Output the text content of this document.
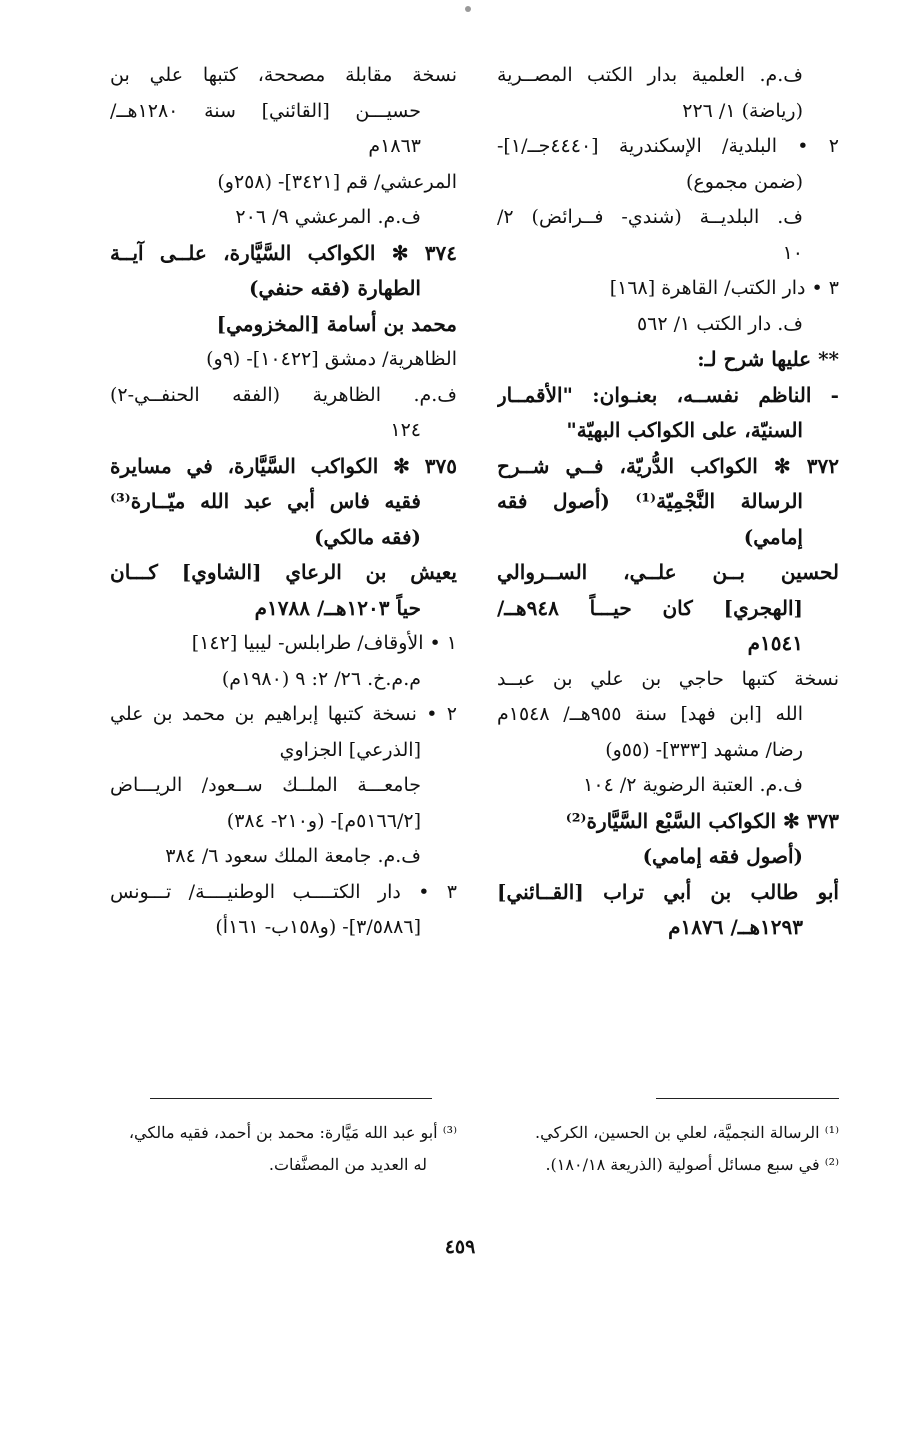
ف.م. العلمية بدار الكتب المصــرية
(رياضة) ١/ ٢٢٦
٢ • البلدية/ الإسكندرية [٤٤٤٠جــ/١]-
(ضمن مجموع)
ف. البلديــة (شندي- فــرائض) ٢/
١٠
٣ • دار الكتب/ القاهرة [١٦٨]
ف. دار الكتب ١/ ٥٦٢
** عليها شرح لـ:
- الناظم نفســه، بعنـوان: "الأقمــار
السنيّة، على الكواكب البهيّة"
٣٧٢ ✻ الكواكب الدُّريّة، فــي شــرح
الرسالة النَّجْمِيّة⁽¹⁾ (أصول فقه
إمامي)
لحسين بــن علــي، الســروالي
[الهجري] كان حيـــاً ٩٤٨هــ/
١٥٤١م
نسخة كتبها حاجي بن علي بن عبــد
الله [ابن فهد] سنة ٩٥٥هــ/ ١٥٤٨م
رضا/ مشهد [٣٣٣]- (٥٥و)
ف.م. العتبة الرضوية ٢/ ١٠٤
٣٧٣ ✻ الكواكب السَّبْع السَّيَّارة⁽²⁾
(أصول فقه إمامي)
أبو طالب بن أبي تراب [القــائني]
١٢٩٣هــ/ ١٨٧٦م
نسخة مقابلة مصححة، كتبها علي بن
حسيـــن [القائني] سنة ١٢٨٠هــ/
١٨٦٣م
المرعشي/ قم [٣٤٢١]- (٢٥٨و)
ف.م. المرعشي ٩/ ٢٠٦
٣٧٤ ✻ الكواكب السَّيَّارة، علــى آيــة
الطهارة (فقه حنفي)
محمد بن أسامة [المخزومي]
الظاهرية/ دمشق [١٠٤٢٢]- (٩و)
ف.م. الظاهرية (الفقه الحنفــي-٢)
١٢٤
٣٧٥ ✻ الكواكب السَّيَّارة، في مسايرة
فقيه فاس أبي عبد الله ميّــارة⁽³⁾
(فقه مالكي)
يعيش بن الرعاي [الشاوي] كـــان
حياً ١٢٠٣هــ/ ١٧٨٨م
١ • الأوقاف/ طرابلس- ليبيا [١٤٢]
م.م.خ. ٢٦/ ٢: ٩ (١٩٨٠م)
٢ • نسخة كتبها إبراهيم بن محمد بن علي
[الذرعي] الجزاوي
جامعـــة الملــك ســعود/ الريـــاض
[٥١٦٦/٢م]- (و٢١٠- ٣٨٤)
ف.م. جامعة الملك سعود ٦/ ٣٨٤
٣ • دار الكتــــب الوطنيــــة/ تـــونس
[٣/٥٨٨٦]- (و١٥٨ب- ١٦١أ)
⁽¹⁾ الرسالة النجميَّة، لعلي بن الحسين، الكركي.
⁽²⁾ في سبع مسائل أصولية (الذريعة ١٨٠/١٨).
⁽³⁾ أبو عبد الله مَيَّارة: محمد بن أحمد، فقيه مالكي،
له العديد من المصنَّفات.
٤٥٩
